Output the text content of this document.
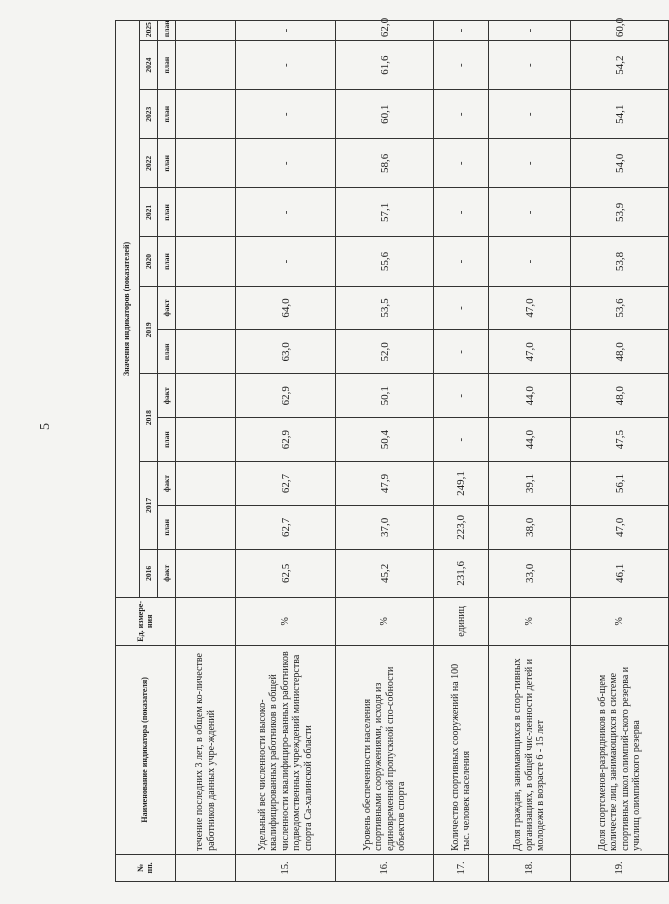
5
№ пп.	Наименование индикатора (показателя)	Ед. измере-ния	Значения индикаторов (показателей)												
			2016	2017		2018		2019		2020	2021	2022	2023	2024	2025
			факт	план	факт	план	факт	план	факт	план	план	план	план	план	план
	течение последних 3 лет, в общем ко-личестве работников данных учре-ждений														
15.	Удельный вес численности высоко-квалифицированных работников в общей численности квалифициро-ванных работников подведомственных учреждений министерства спорта Са-халинской области	%	62,5	62,7	62,7	62,9	62,9	63,0	64,0	-	-	-	-	-	-
16.	Уровень обеспеченности населения спортивными сооружениями, исходя из единовременной пропускной спо-собности объектов спорта	%	45,2	37,0	47,9	50,4	50,1	52,0	53,5	55,6	57,1	58,6	60,1	61,6	62,0
17.	Количество спортивных сооружений на 100 тыс. человек населения	единиц	231,6	223,0	249,1	-	-	-	-	-	-	-	-	-	-
18.	Доля граждан, занимающихся в спор-тивных организациях, в общей чис-ленности детей и молодежи в возрасте 6 - 15 лет	%	33,0	38,0	39,1	44,0	44,0	47,0	47,0	-	-	-	-	-	-
19.	Доля спортсменов-разрядников в об-щем количестве лиц, занимающихся в системе спортивных школ олимпий-ского резерва и училищ олимпийского резерва	%	46,1	47,0	56,1	47,5	48,0	48,0	53,6	53,8	53,9	54,0	54,1	54,2	60,0
